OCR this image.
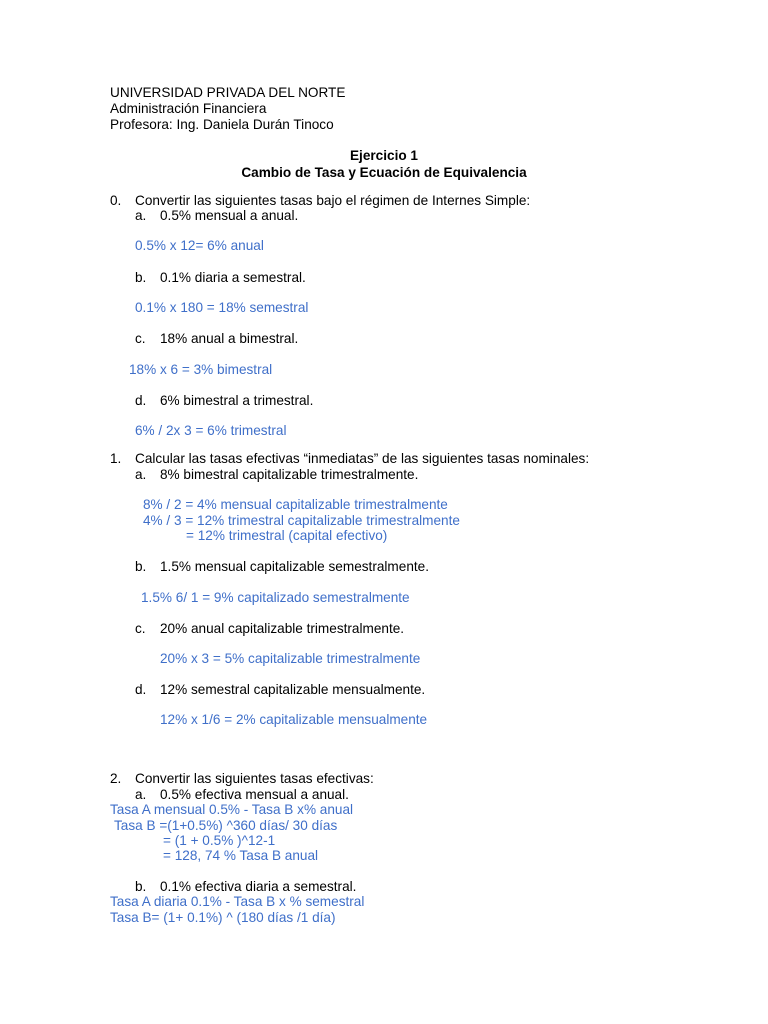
UNIVERSIDAD PRIVADA DEL NORTE
Administración Financiera
Profesora: Ing. Daniela Durán Tinoco
Ejercicio 1
Cambio de Tasa y Ecuación de Equivalencia
0. Convertir las siguientes tasas bajo el régimen de Internes Simple:
a. 0.5% mensual a anual.
0.5% x 12= 6% anual
b. 0.1% diaria a semestral.
0.1% x 180 = 18% semestral
c. 18% anual a bimestral.
18% x 6 = 3% bimestral
d. 6% bimestral a trimestral.
6% / 2x 3 = 6% trimestral
1. Calcular las tasas efectivas “inmediatas” de las siguientes tasas nominales:
a. 8% bimestral capitalizable trimestralmente.
8% / 2 = 4% mensual capitalizable trimestralmente
4% / 3 = 12% trimestral capitalizable trimestralmente
= 12% trimestral (capital efectivo)
b. 1.5% mensual capitalizable semestralmente.
1.5% 6/ 1 = 9% capitalizado semestralmente
c. 20% anual capitalizable trimestralmente.
20% x 3 = 5% capitalizable trimestralmente
d. 12% semestral capitalizable mensualmente.
12% x 1/6 = 2% capitalizable mensualmente
2. Convertir las siguientes tasas efectivas:
a. 0.5% efectiva mensual a anual.
Tasa A mensual 0.5% - Tasa B x% anual
Tasa B =(1+0.5%) ^360 días/ 30 días
= (1 + 0.5% )^12-1
= 128, 74 % Tasa B anual
b. 0.1% efectiva diaria a semestral.
Tasa A diaria 0.1% - Tasa B x % semestral
Tasa B= (1+ 0.1%) ^ (180 días /1 día)
